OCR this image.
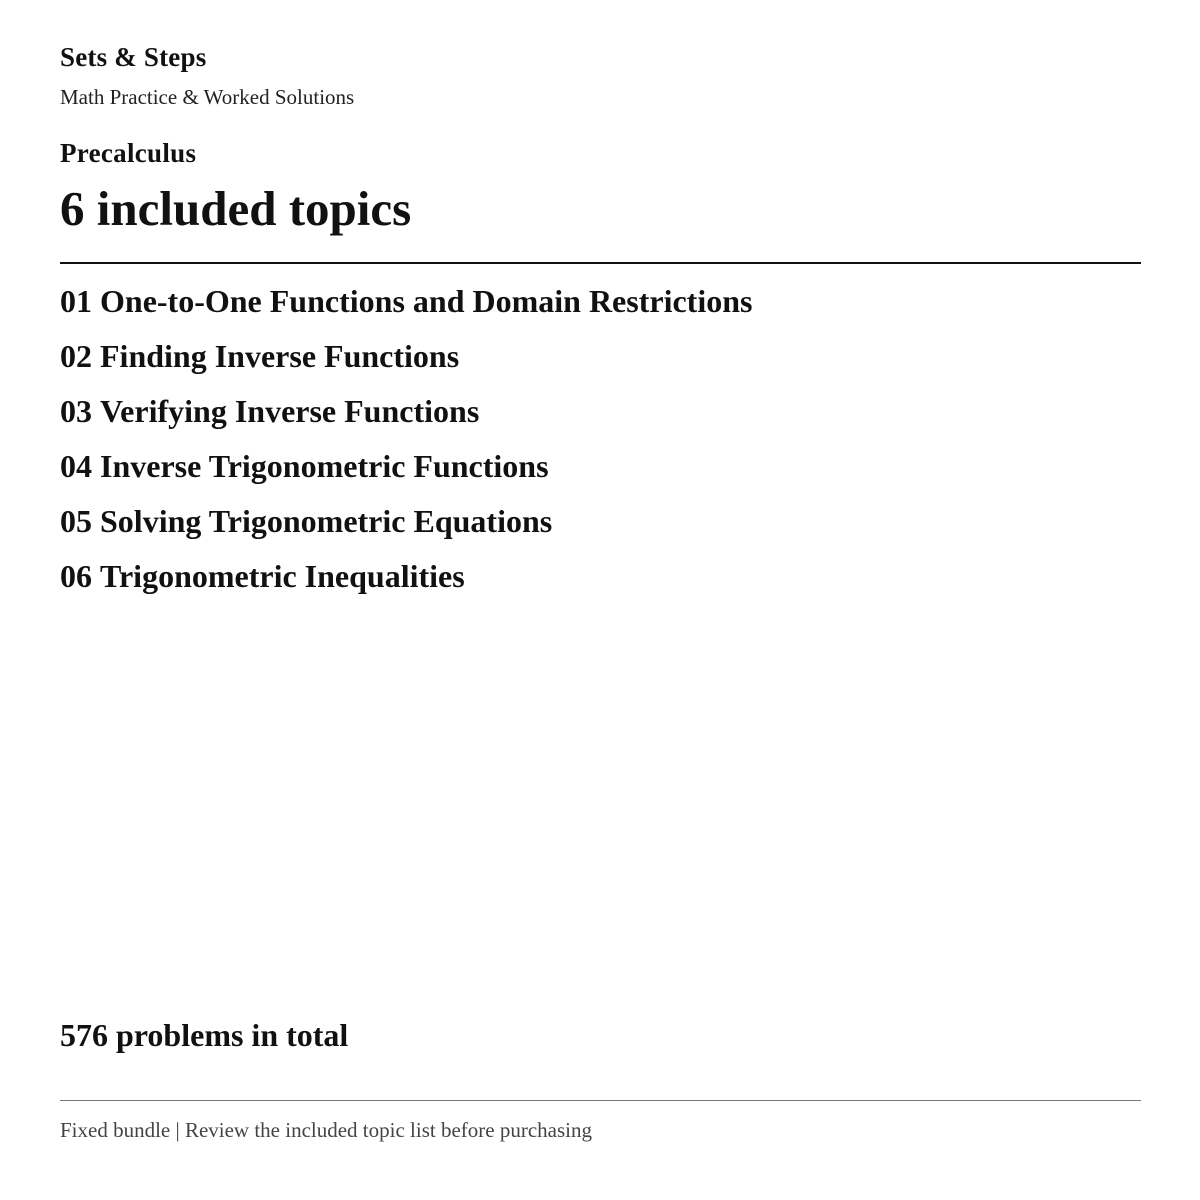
Sets & Steps
Math Practice & Worked Solutions
Precalculus
6 included topics
01 One-to-One Functions and Domain Restrictions
02 Finding Inverse Functions
03 Verifying Inverse Functions
04 Inverse Trigonometric Functions
05 Solving Trigonometric Equations
06 Trigonometric Inequalities
576 problems in total
Fixed bundle | Review the included topic list before purchasing
